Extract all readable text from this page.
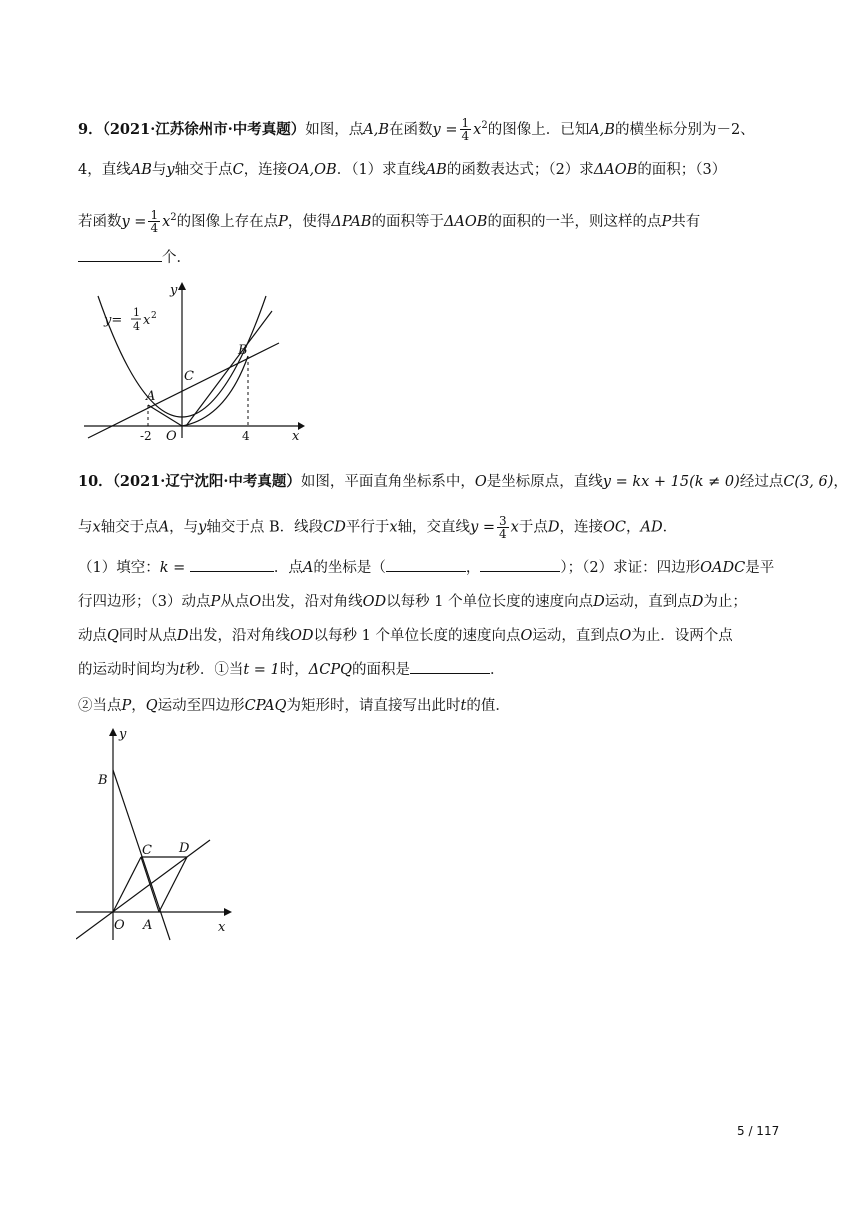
9．（2021·江苏徐州市·中考真题）如图，点A,B在函数$y = \frac{1}{4} x^2$的图像上．已知A,B的横坐标分别为－2、
4，直线AB与y轴交于点C，连接OA,OB．（1）求直线AB的函数表达式；（2）求ΔAOB的面积；（3）
若函数$y = \frac{1}{4} x^2$的图像上存在点P，使得ΔPAB的面积等于ΔAOB的面积的一半，则这样的点P共有
个．
y=
1
4 x 2
y
B
C
A
-2 O	4	x
10．（2021·辽宁沈阳·中考真题）如图，平面直角坐标系中，O是坐标原点，直线y = kx + 15(k ≠ 0)经过点C(3, 6)，
与x轴交于点A，与y轴交于点 B．线段CD平行于x轴，交直线$y = \frac{3}{4}$ x于点D，连接OC，AD．
（1）填空：k =	．点A的坐标是（	，	）；（2）求证：四边形OADC是平
行四边形；（3）动点P从点O出发，沿对角线OD以每秒 1 个单位长度的速度向点D运动，直到点D为止；
动点Q同时从点D出发，沿对角线OD以每秒 1 个单位长度的速度向点O运动，直到点O为止．设两个点
的运动时间均为t秒．①当t = 1时，ΔCPQ的面积是	．
②当点P，Q运动至四边形CPAQ为矩形时，请直接写出此时t的值．
y
B
C D
O A	x
5 / 117
